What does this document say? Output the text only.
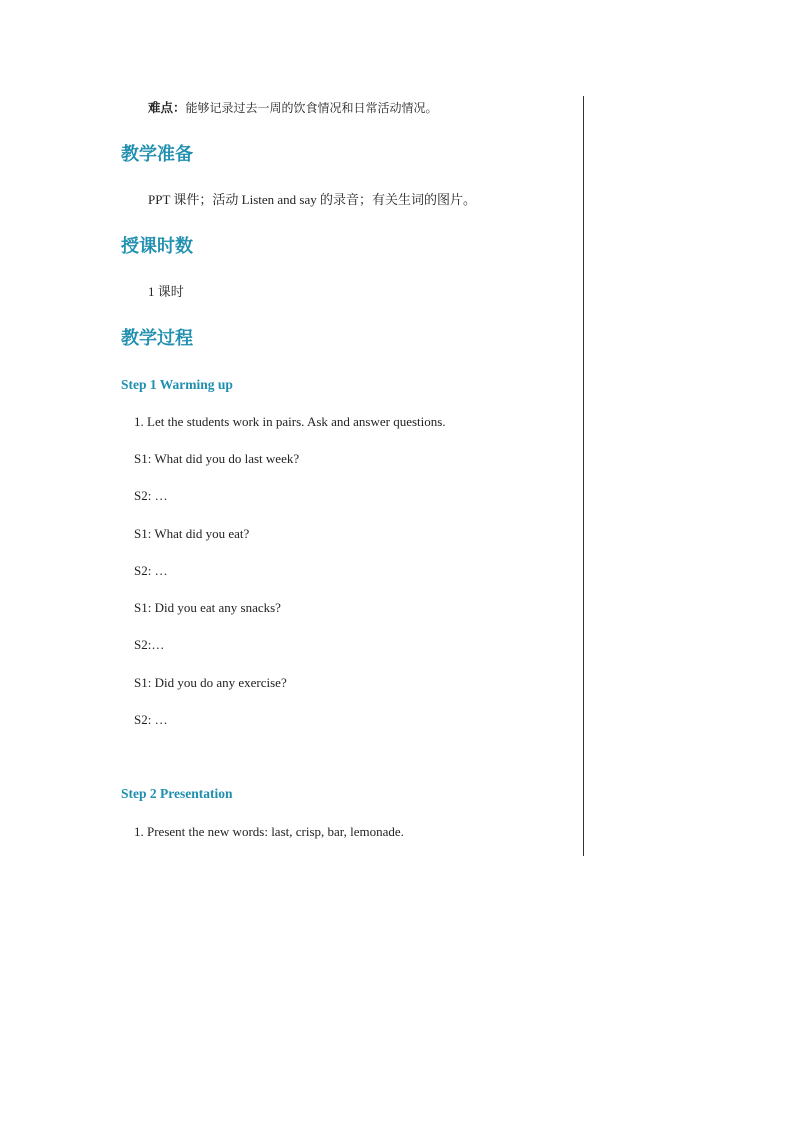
难点：能够记录过去一周的饮食情况和日常活动情况。
教学准备
PPT 课件；活动 Listen and say 的录音；有关生词的图片。
授课时数
1 课时
教学过程
Step 1 Warming up
1. Let the students work in pairs. Ask and answer questions.
S1: What did you do last week?
S2: …
S1: What did you eat?
S2: …
S1: Did you eat any snacks?
S2:…
S1: Did you do any exercise?
S2: …
Step 2 Presentation
1. Present the new words: last, crisp, bar, lemonade.
